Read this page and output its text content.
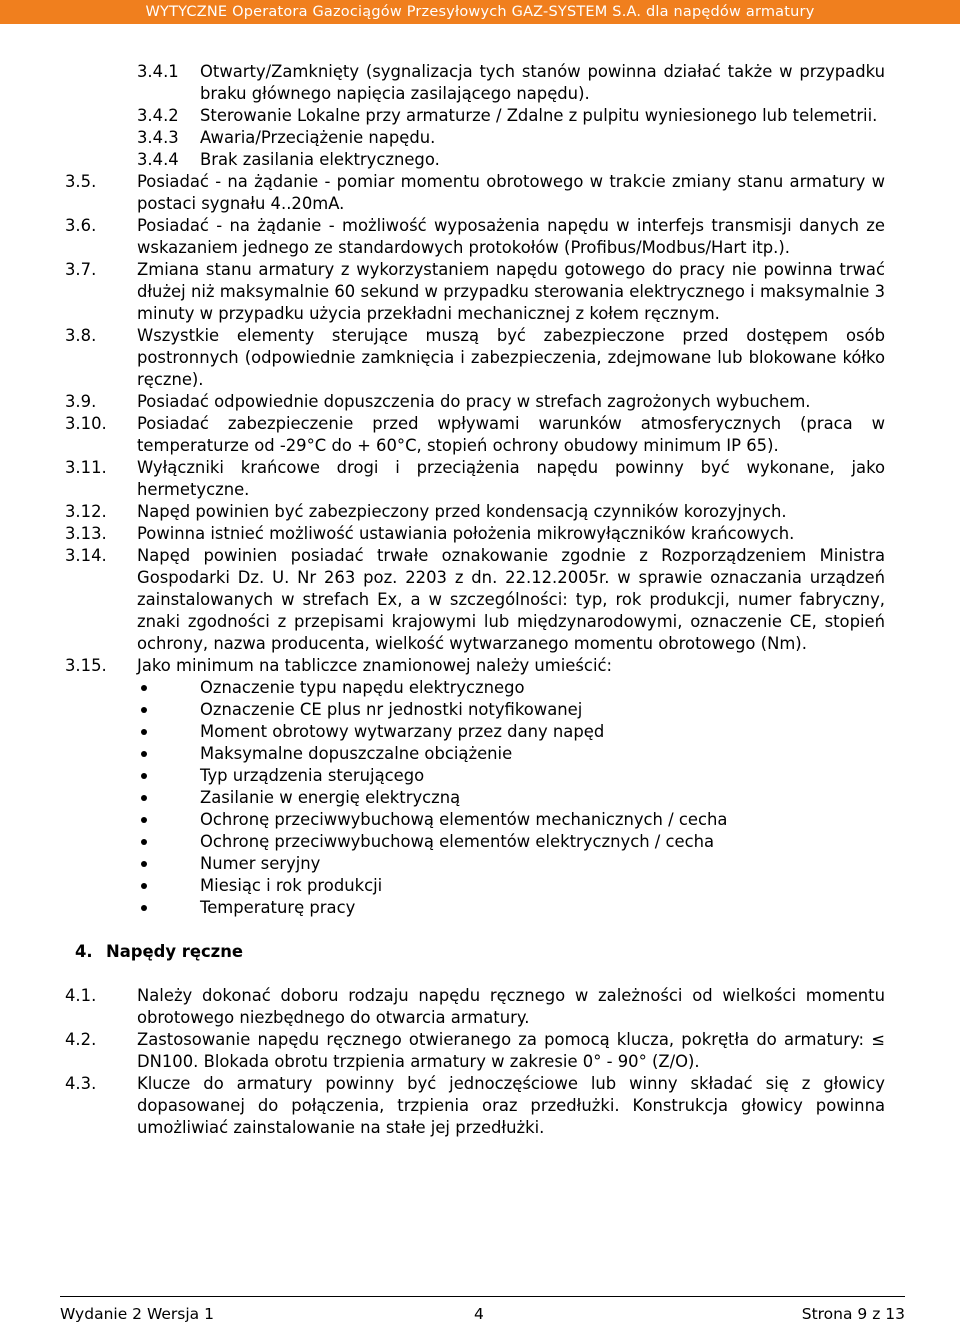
WYTYCZNE Operatora Gazociągów Przesyłowych GAZ-SYSTEM S.A. dla napędów armatury
3.4.1 Otwarty/Zamknięty (sygnalizacja tych stanów powinna działać także w przypadku braku głównego napięcia zasilającego napędu).
3.4.2 Sterowanie Lokalne przy armaturze / Zdalne z pulpitu wyniesionego lub telemetrii.
3.4.3 Awaria/Przeciążenie napędu.
3.4.4 Brak zasilania elektrycznego.
3.5. Posiadać - na żądanie - pomiar momentu obrotowego w trakcie zmiany stanu armatury w postaci sygnału 4..20mA.
3.6. Posiadać - na żądanie - możliwość wyposażenia napędu w interfejs transmisji danych ze wskazaniem jednego ze standardowych protokołów (Profibus/Modbus/Hart itp.).
3.7. Zmiana stanu armatury z wykorzystaniem napędu gotowego do pracy nie powinna trwać dłużej niż maksymalnie 60 sekund w przypadku sterowania elektrycznego i maksymalnie 3 minuty w przypadku użycia przekładni mechanicznej z kołem ręcznym.
3.8. Wszystkie elementy sterujące muszą być zabezpieczone przed dostępem osób postronnych (odpowiednie zamknięcia i zabezpieczenia, zdejmowane lub blokowane kółko ręczne).
3.9. Posiadać odpowiednie dopuszczenia do pracy w strefach zagrożonych wybuchem.
3.10. Posiadać zabezpieczenie przed wpływami warunków atmosferycznych (praca w temperaturze od -29°C do + 60°C, stopień ochrony obudowy minimum IP 65).
3.11. Wyłączniki krańcowe drogi i przeciążenia napędu powinny być wykonane, jako hermetyczne.
3.12. Napęd powinien być zabezpieczony przed kondensacją czynników korozyjnych.
3.13. Powinna istnieć możliwość ustawiania położenia mikrowyłączników krańcowych.
3.14. Napęd powinien posiadać trwałe oznakowanie zgodnie z Rozporządzeniem Ministra Gospodarki Dz. U. Nr 263 poz. 2203 z dn. 22.12.2005r. w sprawie oznaczania urządzeń zainstalowanych w strefach Ex, a w szczególności: typ, rok produkcji, numer fabryczny, znaki zgodności z przepisami krajowymi lub międzynarodowymi, oznaczenie CE, stopień ochrony, nazwa producenta, wielkość wytwarzanego momentu obrotowego (Nm).
3.15. Jako minimum na tabliczce znamionowej należy umieścić:
Oznaczenie typu napędu elektrycznego
Oznaczenie CE plus nr jednostki notyfikowanej
Moment obrotowy wytwarzany przez dany napęd
Maksymalne dopuszczalne obciążenie
Typ urządzenia sterującego
Zasilanie w energię elektryczną
Ochronę przeciwwybuchową elementów mechanicznych / cecha
Ochronę przeciwwybuchową elementów elektrycznych / cecha
Numer seryjny
Miesiąc i rok produkcji
Temperaturę pracy
4. Napędy ręczne
4.1. Należy dokonać doboru rodzaju napędu ręcznego w zależności od wielkości momentu obrotowego niezbędnego do otwarcia armatury.
4.2. Zastosowanie napędu ręcznego otwieranego za pomocą klucza, pokrętła do armatury: ≤ DN100. Blokada obrotu trzpienia armatury w zakresie 0° - 90° (Z/O).
4.3. Klucze do armatury powinny być jednoczęściowe lub winny składać się z głowicy dopasowanej do połączenia, trzpienia oraz przedłużki. Konstrukcja głowicy powinna umożliwiać zainstalowanie na stałe jej przedłużki.
Wydanie 2 Wersja 1	4	Strona 9 z 13
